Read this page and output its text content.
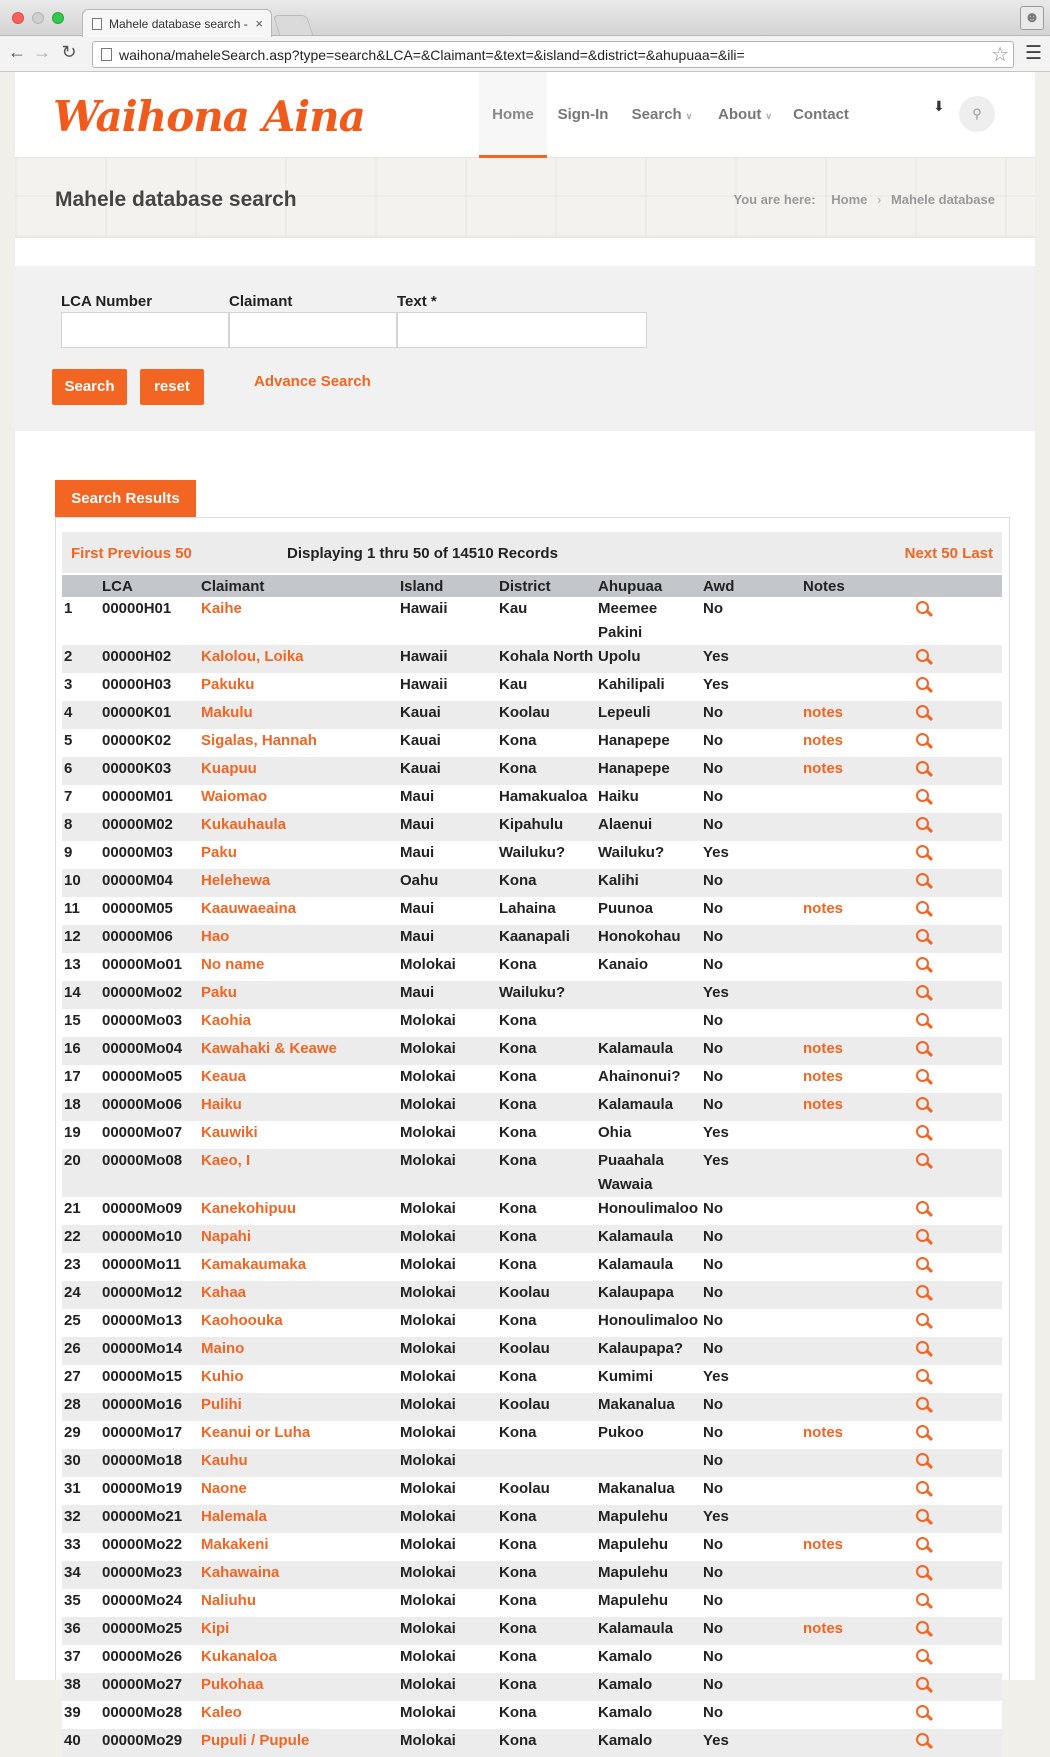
Mahele database search - ×	☻
← → ↻	waihona/maheleSearch.asp?type=search&LCA=&Claimant=&text=&island=&district=&ahupuaa=&ili=	☆ ☰
Waihona Aina	Home	Sign-In	Search ∨	About ∨ Contact	⬇	⚲
Mahele database search	You are here: Home › Mahele database
LCA Number	Claimant	Text *
Search	reset	Advance Search
Search Results
First Previous 50	Displaying 1 thru 50 of 14510 Records	Next 50 Last
	LCA	Claimant	Island	District	Ahupuaa	Awd	Notes	
1	00000H01	Kaihe	Hawaii	Kau	Meemee Pakini	No		
2	00000H02	Kalolou, Loika	Hawaii	Kohala North	Upolu	Yes		
3	00000H03	Pakuku	Hawaii	Kau	Kahilipali	Yes		
4	00000K01	Makulu	Kauai	Koolau	Lepeuli	No	notes	
5	00000K02	Sigalas, Hannah	Kauai	Kona	Hanapepe	No	notes	
6	00000K03	Kuapuu	Kauai	Kona	Hanapepe	No	notes	
7	00000M01	Waiomao	Maui	Hamakualoa	Haiku	No		
8	00000M02	Kukauhaula	Maui	Kipahulu	Alaenui	No		
9	00000M03	Paku	Maui	Wailuku?	Wailuku?	Yes		
10	00000M04	Helehewa	Oahu	Kona	Kalihi	No		
11	00000M05	Kaauwaeaina	Maui	Lahaina	Puunoa	No	notes	
12	00000M06	Hao	Maui	Kaanapali	Honokohau	No		
13	00000Mo01	No name	Molokai	Kona	Kanaio	No		
14	00000Mo02	Paku	Maui	Wailuku?		Yes		
15	00000Mo03	Kaohia	Molokai	Kona		No		
16	00000Mo04	Kawahaki & Keawe	Molokai	Kona	Kalamaula	No	notes	
17	00000Mo05	Keaua	Molokai	Kona	Ahainonui?	No	notes	
18	00000Mo06	Haiku	Molokai	Kona	Kalamaula	No	notes	
19	00000Mo07	Kauwiki	Molokai	Kona	Ohia	Yes		
20	00000Mo08	Kaeo, I	Molokai	Kona	Puaahala Wawaia	Yes		
21	00000Mo09	Kanekohipuu	Molokai	Kona	Honoulimaloo	No		
22	00000Mo10	Napahi	Molokai	Kona	Kalamaula	No		
23	00000Mo11	Kamakaumaka	Molokai	Kona	Kalamaula	No		
24	00000Mo12	Kahaa	Molokai	Koolau	Kalaupapa	No		
25	00000Mo13	Kaohoouka	Molokai	Kona	Honoulimaloo	No		
26	00000Mo14	Maino	Molokai	Koolau	Kalaupapa?	No		
27	00000Mo15	Kuhio	Molokai	Kona	Kumimi	Yes		
28	00000Mo16	Pulihi	Molokai	Koolau	Makanalua	No		
29	00000Mo17	Keanui or Luha	Molokai	Kona	Pukoo	No	notes	
30	00000Mo18	Kauhu	Molokai			No		
31	00000Mo19	Naone	Molokai	Koolau	Makanalua	No		
32	00000Mo21	Halemala	Molokai	Kona	Mapulehu	Yes		
33	00000Mo22	Makakeni	Molokai	Kona	Mapulehu	No	notes	
34	00000Mo23	Kahawaina	Molokai	Kona	Mapulehu	No		
35	00000Mo24	Naliuhu	Molokai	Kona	Mapulehu	No		
36	00000Mo25	Kipi	Molokai	Kona	Kalamaula	No	notes	
37	00000Mo26	Kukanaloa	Molokai	Kona	Kamalo	No		
38	00000Mo27	Pukohaa	Molokai	Kona	Kamalo	No		
39	00000Mo28	Kaleo	Molokai	Kona	Kamalo	No		
40	00000Mo29	Pupuli / Pupule	Molokai	Kona	Kamalo	Yes		
